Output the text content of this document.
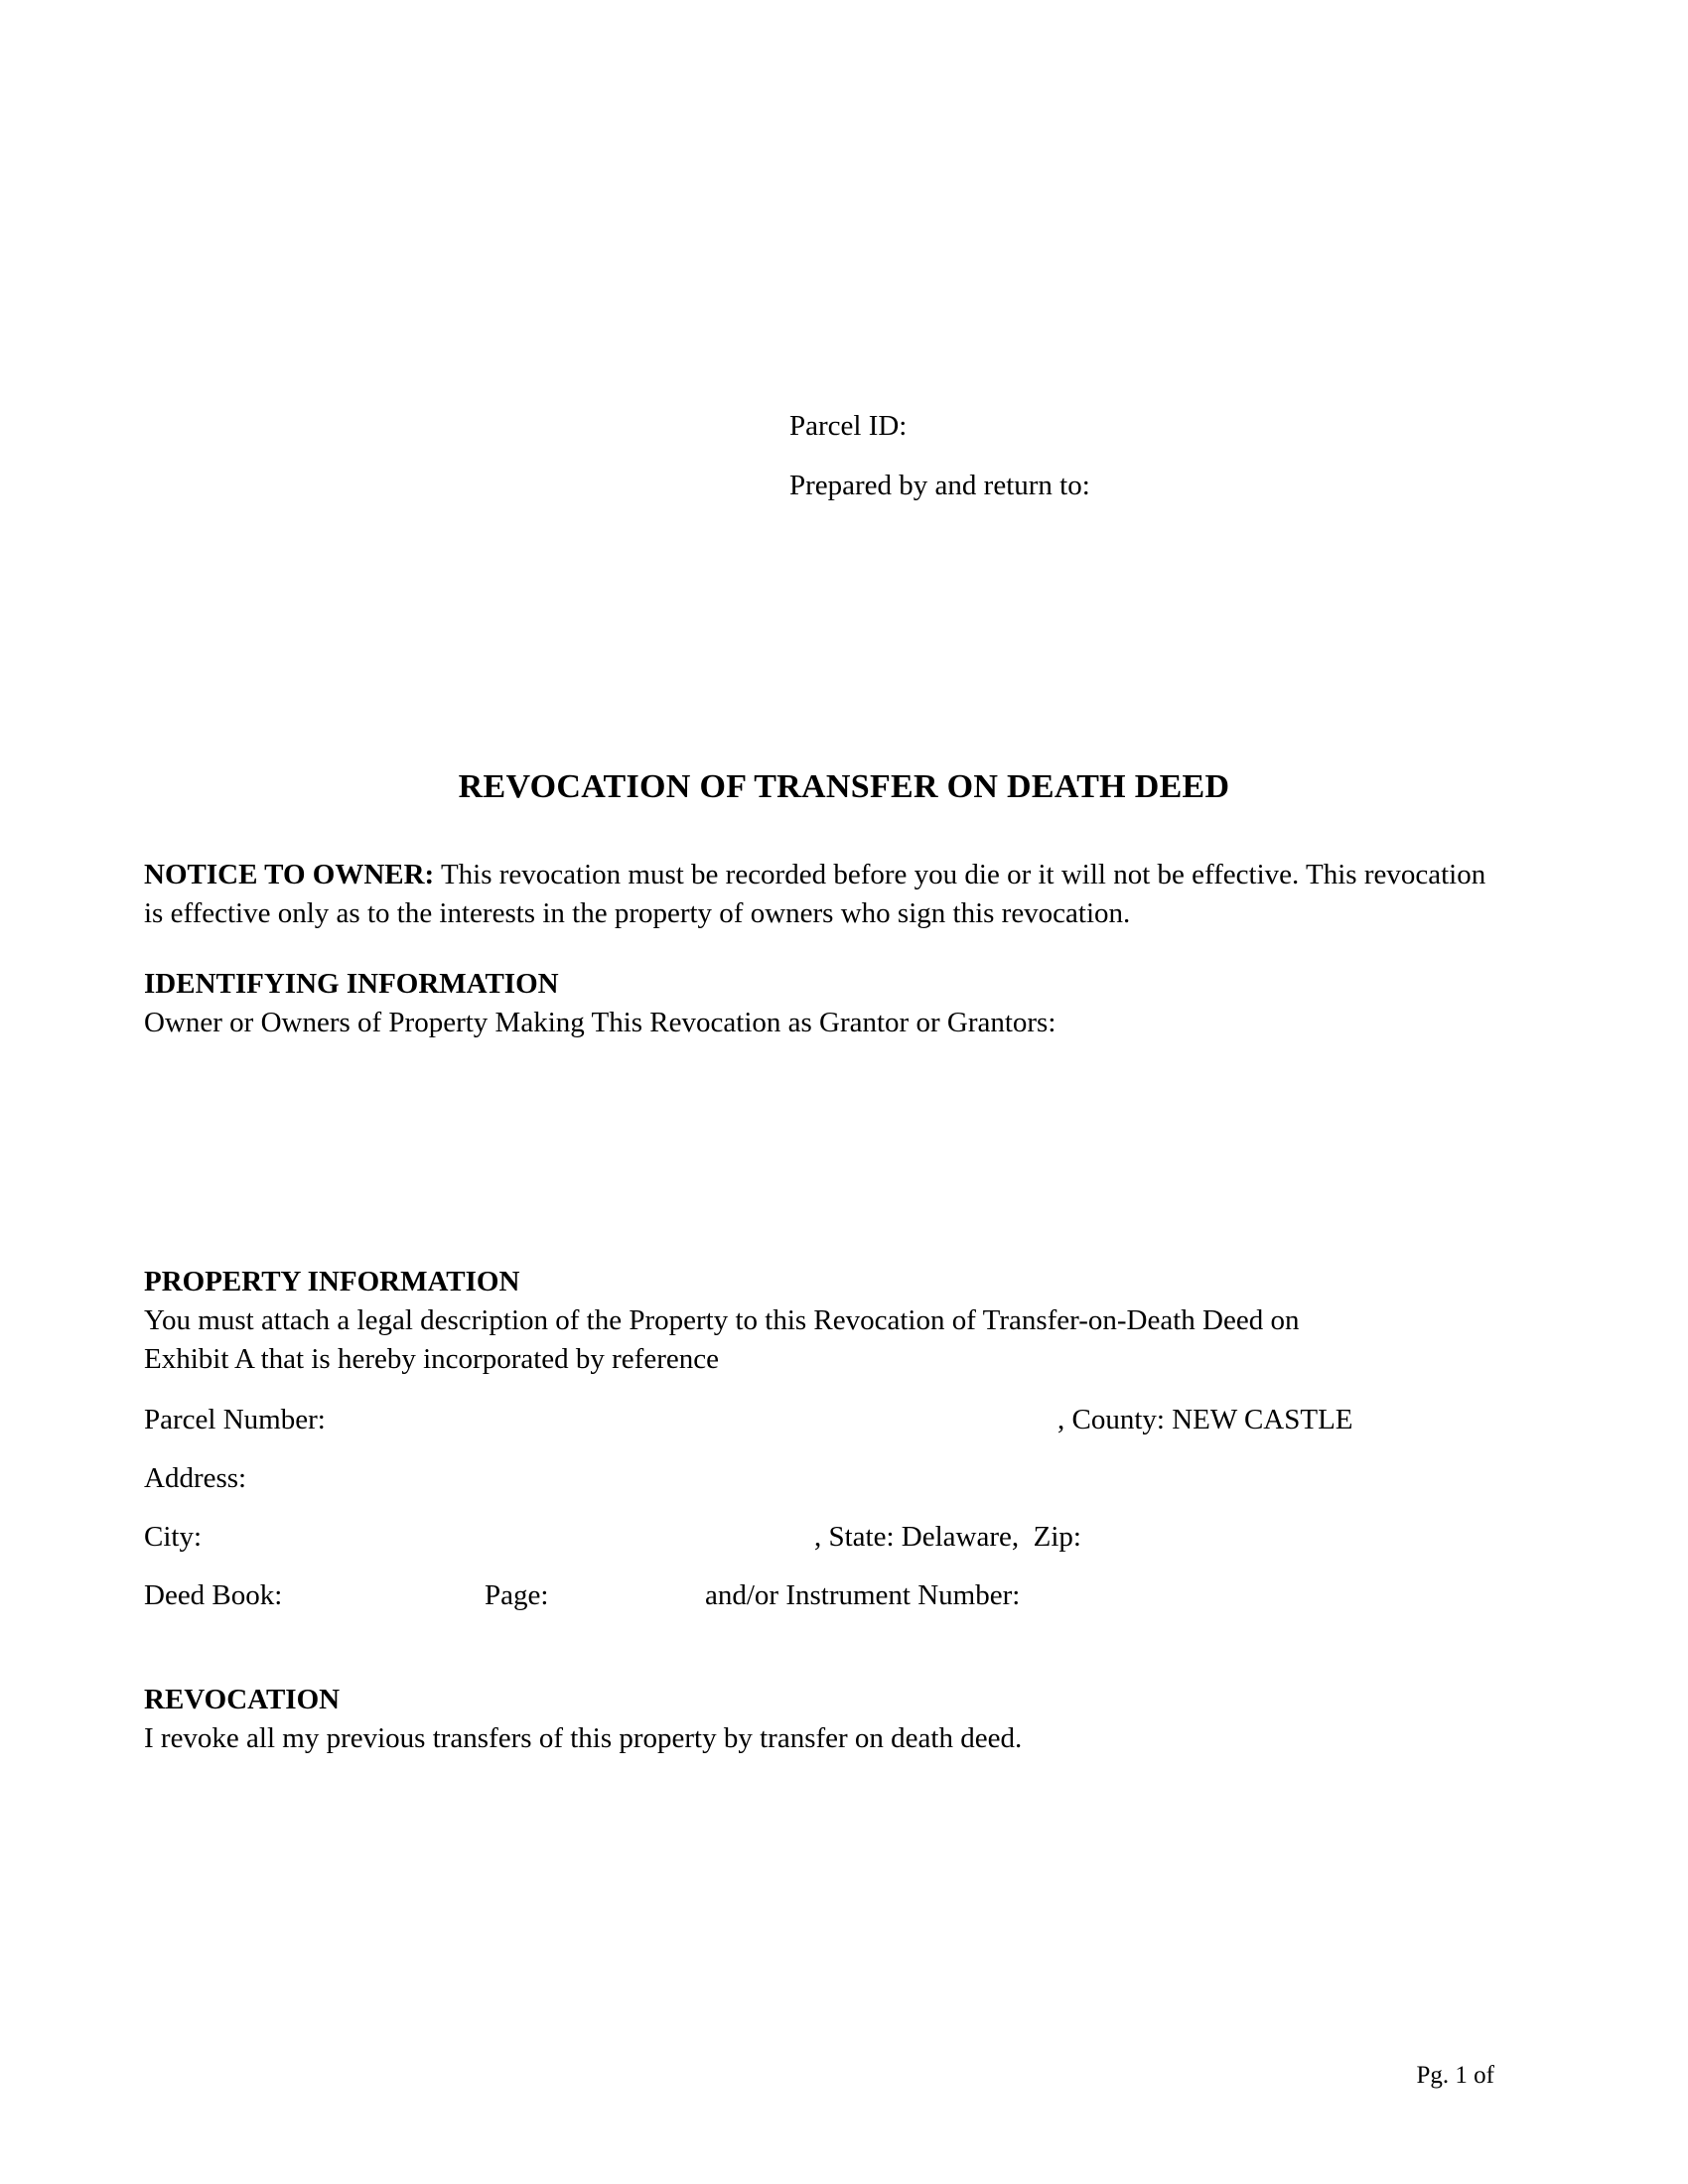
Parcel ID:
Prepared by and return to:
REVOCATION OF TRANSFER ON DEATH DEED

NOTICE TO OWNER: This revocation must be recorded before you die or it will not be effective. This revocation is effective only as to the interests in the property of owners who sign this revocation.

IDENTIFYING INFORMATION
Owner or Owners of Property Making This Revocation as Grantor or Grantors:
PROPERTY INFORMATION
You must attach a legal description of the Property to this Revocation of Transfer-on-Death Deed on
Exhibit A that is hereby incorporated by reference
Parcel Number:	, County: NEW CASTLE
Address:
City:	, State: Delaware,  Zip:
Deed Book:	Page:	and/or Instrument Number:
REVOCATION
I revoke all my previous transfers of this property by transfer on death deed.
Pg. 1 of
